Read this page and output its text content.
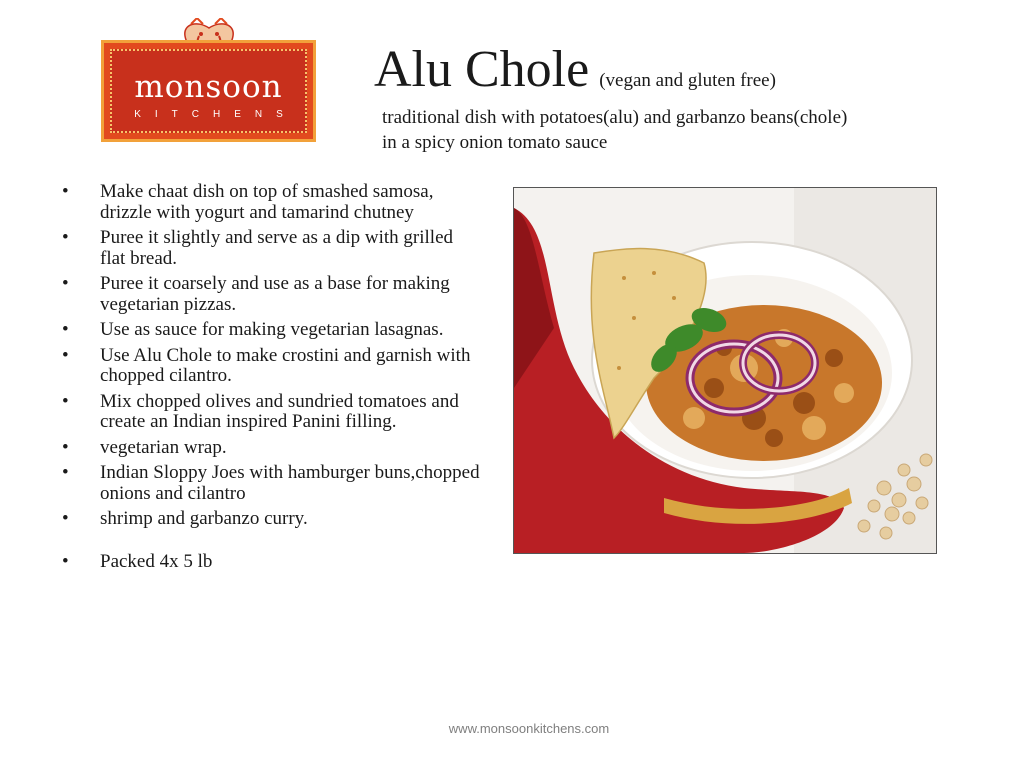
monsoon
KITCHENS
Alu Chole (vegan and gluten free)
traditional dish with potatoes(alu) and garbanzo beans(chole)
in a spicy onion tomato sauce
• Make chaat dish on top of smashed samosa, drizzle with yogurt and tamarind chutney
• Puree it slightly and serve as a dip with grilled flat bread.
• Puree it coarsely and use as a base for making vegetarian pizzas.
• Use as sauce for making vegetarian lasagnas.
• Use Alu Chole to make crostini and garnish with chopped cilantro.
• Mix chopped olives and sundried tomatoes and create an Indian inspired Panini filling.
• vegetarian wrap.
• Indian Sloppy Joes with hamburger buns,chopped onions and cilantro
• shrimp and garbanzo curry.
• Packed 4x 5 lb
www.monsoonkitchens.com
